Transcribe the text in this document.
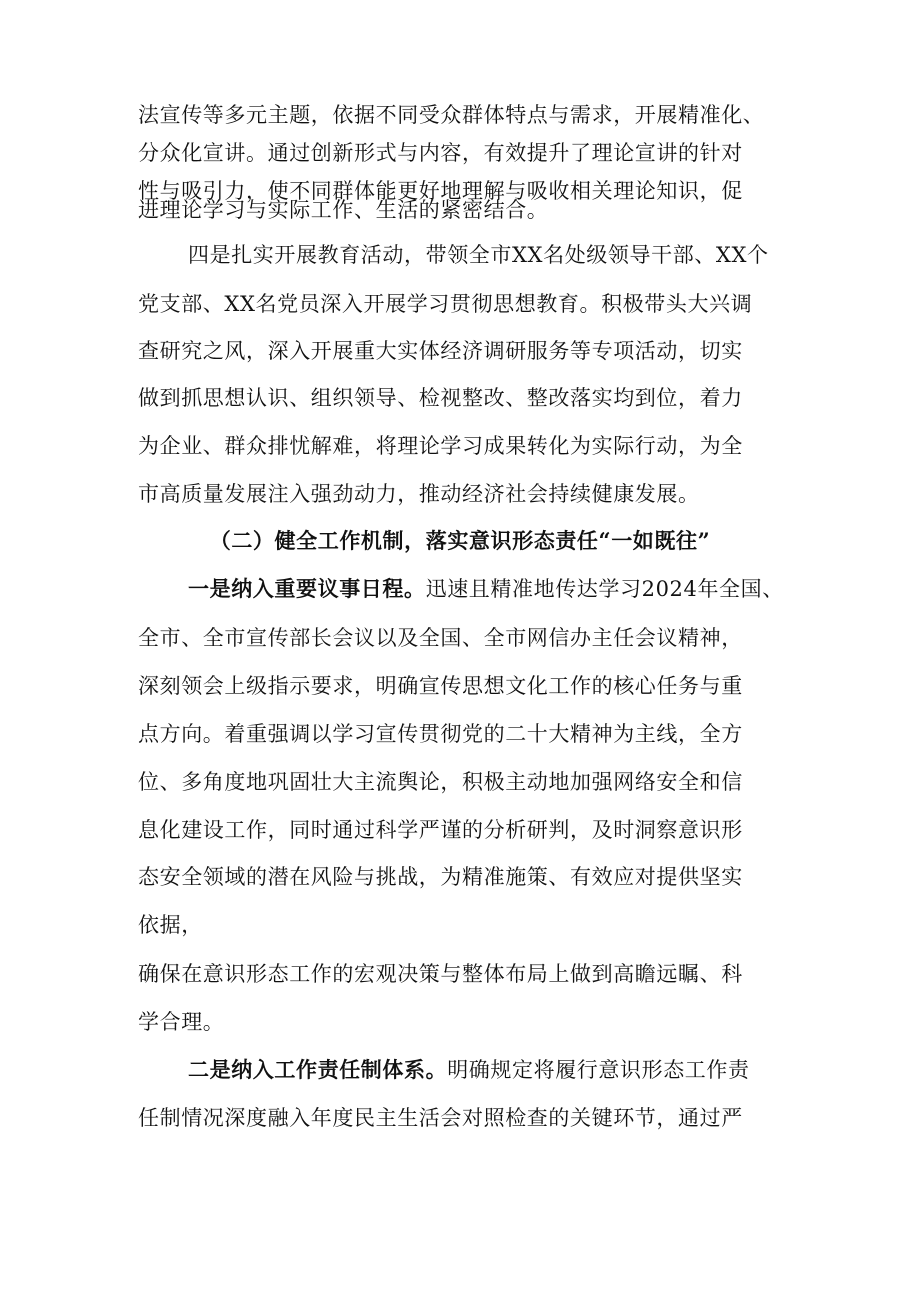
法宣传等多元主题，依据不同受众群体特点与需求，开展精准化、
分众化宣讲。通过创新形式与内容，有效提升了理论宣讲的针对
性与吸引力，使不同群体能更好地理解与吸收相关理论知识，促
进理论学习与实际工作、生活的紧密结合。
四是扎实开展教育活动，带领全市XX名处级领导干部、XX个
党支部、XX名党员深入开展学习贯彻思想教育。积极带头大兴调
查研究之风，深入开展重大实体经济调研服务等专项活动，切实
做到抓思想认识、组织领导、检视整改、整改落实均到位，着力
为企业、群众排忧解难，将理论学习成果转化为实际行动，为全
市高质量发展注入强劲动力，推动经济社会持续健康发展。
（二）健全工作机制，落实意识形态责任“一如既往”
一是纳入重要议事日程。迅速且精准地传达学习2024年全国、
全市、全市宣传部长会议以及全国、全市网信办主任会议精神，
深刻领会上级指示要求，明确宣传思想文化工作的核心任务与重
点方向。着重强调以学习宣传贯彻党的二十大精神为主线，全方
位、多角度地巩固壮大主流舆论，积极主动地加强网络安全和信
息化建设工作，同时通过科学严谨的分析研判，及时洞察意识形
态安全领域的潜在风险与挑战，为精准施策、有效应对提供坚实
依据，
确保在意识形态工作的宏观决策与整体布局上做到高瞻远瞩、科
学合理。
二是纳入工作责任制体系。明确规定将履行意识形态工作责
任制情况深度融入年度民主生活会对照检查的关键环节，通过严
